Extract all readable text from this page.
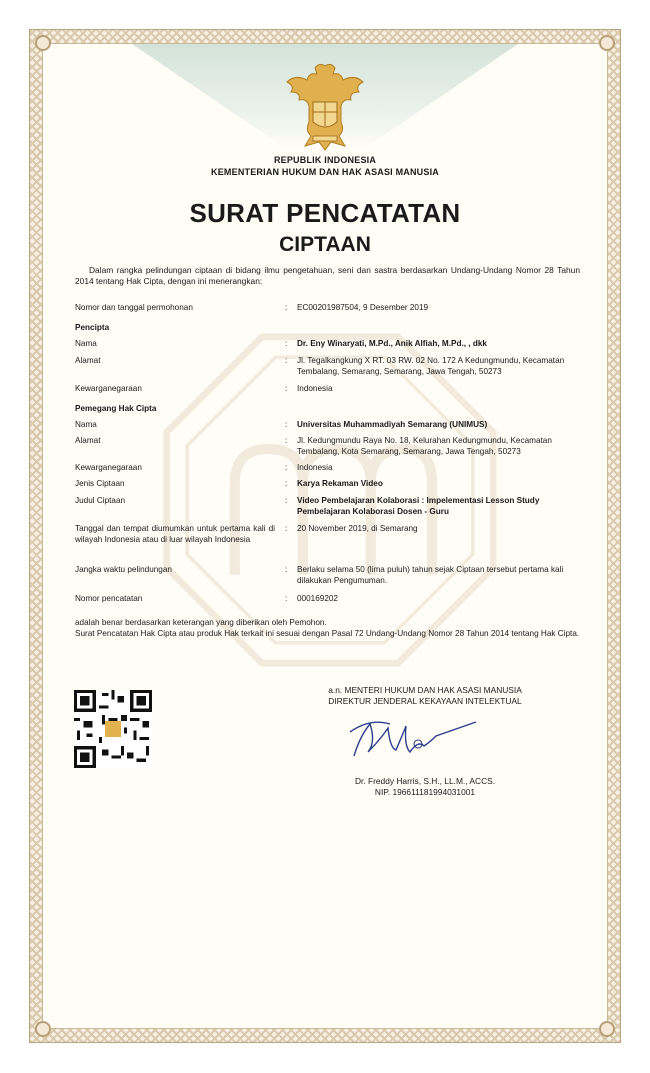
REPUBLIK INDONESIA
KEMENTERIAN HUKUM DAN HAK ASASI MANUSIA
SURAT PENCATATAN
CIPTAAN
Dalam rangka pelindungan ciptaan di bidang ilmu pengetahuan, seni dan sastra berdasarkan Undang-Undang Nomor 28 Tahun 2014 tentang Hak Cipta, dengan ini menerangkan:
Nomor dan tanggal permohonan	: EC00201987504, 9 Desember 2019
Pencipta
Nama	: Dr. Eny Winaryati, M.Pd., Anik Alfiah, M.Pd., , dkk
Alamat	: Jl. Tegalkangkung X RT. 03 RW. 02 No. 172 A Kedungmundu, Kecamatan Tembalang, Semarang, Semarang, Jawa Tengah, 50273
Kewarganegaraan	: Indonesia
Pemegang Hak Cipta
Nama	: Universitas Muhammadiyah Semarang (UNIMUS)
Alamat	: Jl. Kedungmundu Raya No. 18, Kelurahan Kedungmundu, Kecamatan Tembalang, Kota Semarang, Semarang, Jawa Tengah, 50273
Kewarganegaraan	: Indonesia
Jenis Ciptaan	: Karya Rekaman Video
Judul Ciptaan	: Video Pembelajaran Kolaborasi : Impelementasi Lesson Study Pembelajaran Kolaborasi Dosen - Guru
Tanggal dan tempat diumumkan untuk pertama kali di wilayah Indonesia atau di luar wilayah Indonesia
: 20 November 2019, di Semarang
Jangka waktu pelindungan	: Berlaku selama 50 (lima puluh) tahun sejak Ciptaan tersebut pertama kali dilakukan Pengumuman.
Nomor pencatatan	: 000169202
adalah benar berdasarkan keterangan yang diberikan oleh Pemohon.
Surat Pencatatan Hak Cipta atau produk Hak terkait ini sesuai dengan Pasal 72 Undang-Undang Nomor 28 Tahun 2014 tentang Hak Cipta.
a.n. MENTERI HUKUM DAN HAK ASASI MANUSIA
DIREKTUR JENDERAL KEKAYAAN INTELEKTUAL
Dr. Freddy Harris, S.H., LL.M., ACCS.
NIP. 196611181994031001
